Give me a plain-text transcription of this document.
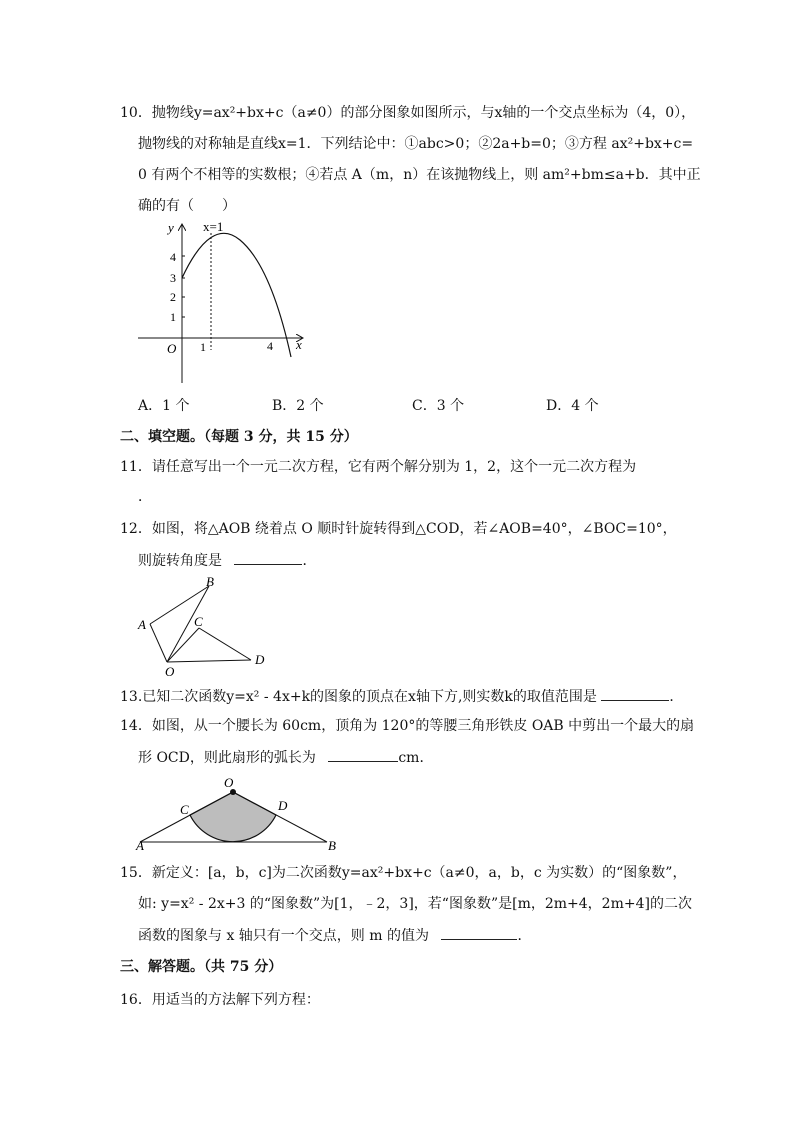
10．抛物线y=ax²+bx+c（a≠0）的部分图象如图所示，与x轴的一个交点坐标为（4，0），
抛物线的对称轴是直线x=1．下列结论中：①abc>0；②2a+b=0；③方程 ax²+bx+c=
0 有两个不相等的实数根；④若点 A（m，n）在该抛物线上，则 am²+bm≤a+b．其中正
确的有（　　）
y x=1
4
3
2
1
O 1	4 x
A．1 个	B．2 个	C．3 个	D．4 个
二、填空题。（每题 3 分，共 15 分）
11．请任意写出一个一元二次方程，它有两个解分别为 1，2，这个一元二次方程为
．
12．如图，将△AOB 绕着点 O 顺时针旋转得到△COD，若∠AOB=40°，∠BOC=10°，
则旋转角度是	．
A
B
C
O
D
13.已知二次函数y=x² - 4x+k的图象的顶点在x轴下方,则实数k的取值范围是	．
14．如图，从一个腰长为 60cm，顶角为 120°的等腰三角形铁皮 OAB 中剪出一个最大的扇
形 OCD，则此扇形的弧长为	cm．
O
C	D
A	B
15．新定义：[a，b，c]为二次函数y=ax²+bx+c（a≠0，a，b，c 为实数）的“图象数”，
如: y=x² - 2x+3 的“图象数”为[1，﹣2，3]，若“图象数”是[m，2m+4，2m+4]的二次
函数的图象与 x 轴只有一个交点，则 m 的值为	．
三、解答题。（共 75 分）
16．用适当的方法解下列方程：
